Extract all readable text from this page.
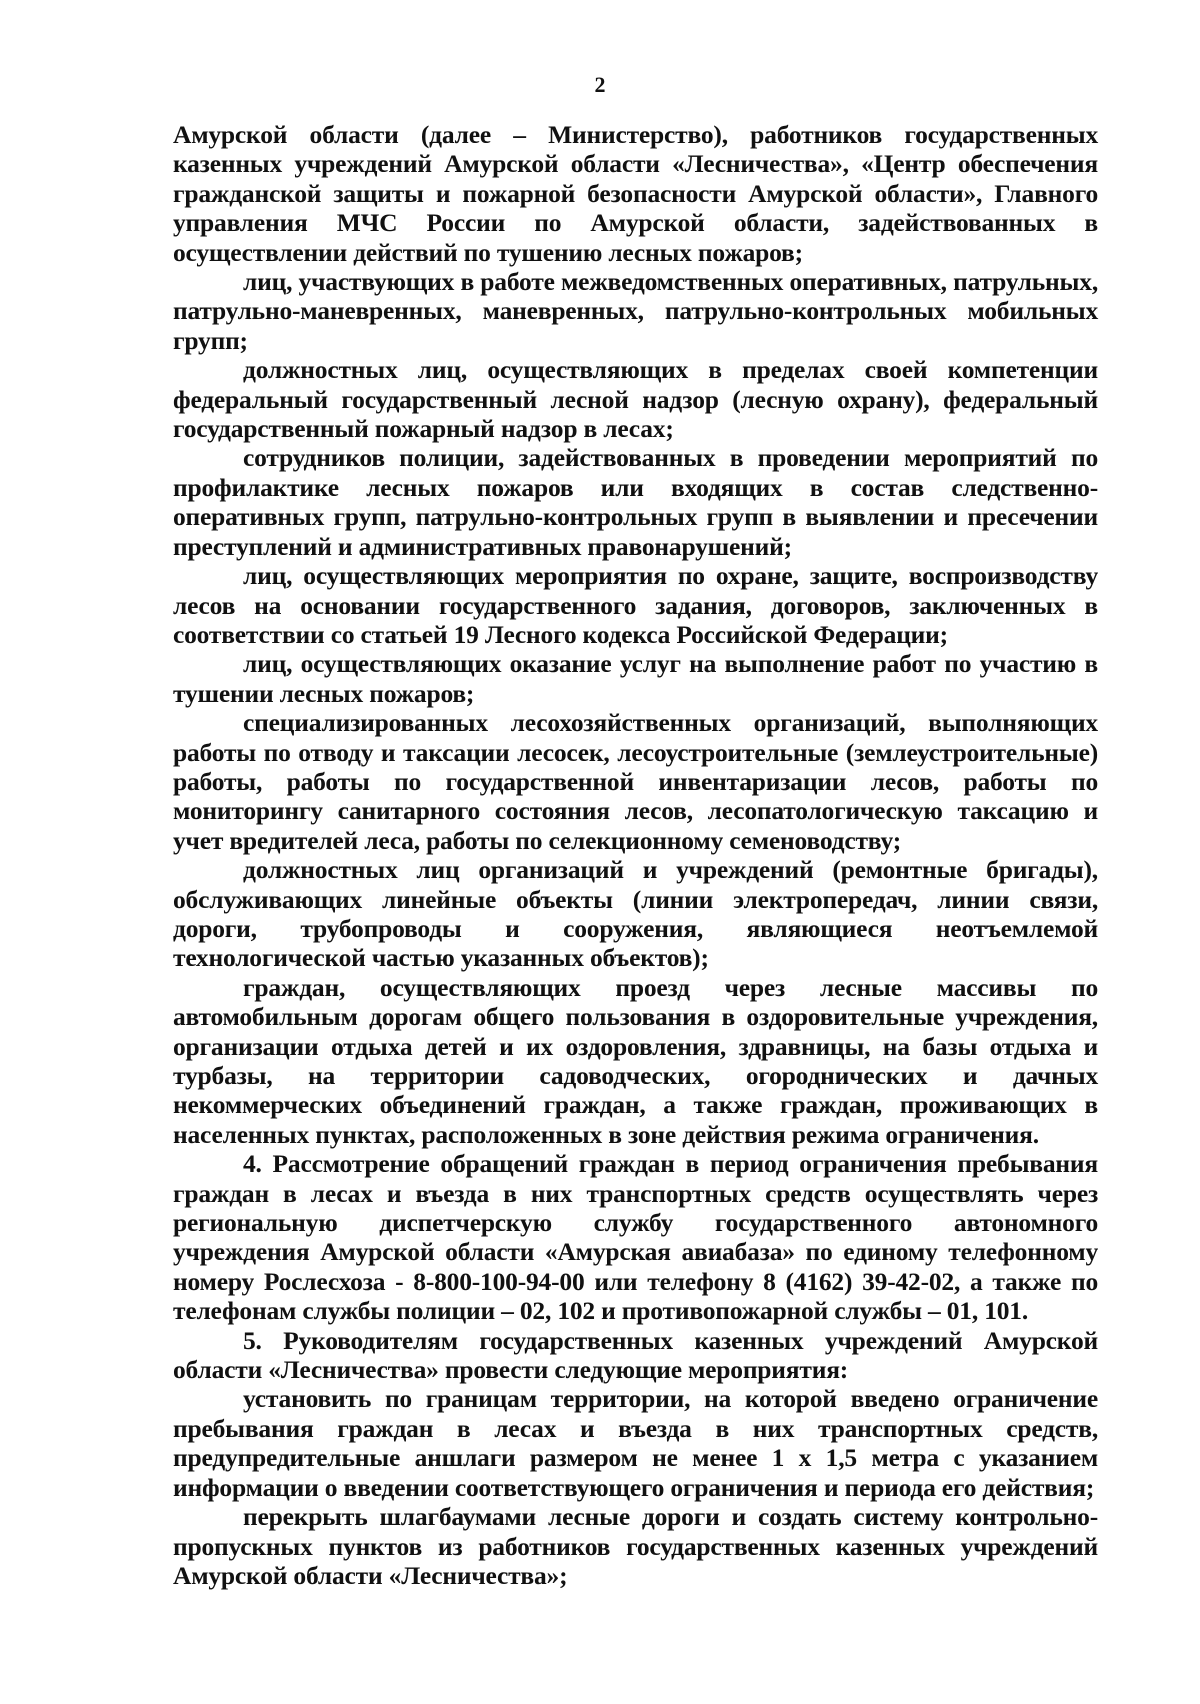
2

Амурской области (далее – Министерство), работников государственных казенных учреждений Амурской области «Лесничества», «Центр обеспечения гражданской защиты и пожарной безопасности Амурской области», Главного управления МЧС России по Амурской области, задействованных в осуществлении действий по тушению лесных пожаров;

лиц, участвующих в работе межведомственных оперативных, патрульных, патрульно-маневренных, маневренных, патрульно-контрольных мобильных групп;

должностных лиц, осуществляющих в пределах своей компетенции федеральный государственный лесной надзор (лесную охрану), федеральный государственный пожарный надзор в лесах;

сотрудников полиции, задействованных в проведении мероприятий по профилактике лесных пожаров или входящих в состав следственно-оперативных групп, патрульно-контрольных групп в выявлении и пресечении преступлений и административных правонарушений;

лиц, осуществляющих мероприятия по охране, защите, воспроизводству лесов на основании государственного задания, договоров, заключенных в соответствии со статьей 19 Лесного кодекса Российской Федерации;

лиц, осуществляющих оказание услуг на выполнение работ по участию в тушении лесных пожаров;

специализированных лесохозяйственных организаций, выполняющих работы по отводу и таксации лесосек, лесоустроительные (землеустроительные) работы, работы по государственной инвентаризации лесов, работы по мониторингу санитарного состояния лесов, лесопатологическую таксацию и учет вредителей леса, работы по селекционному семеноводству;

должностных лиц организаций и учреждений (ремонтные бригады), обслуживающих линейные объекты (линии электропередач, линии связи, дороги, трубопроводы и сооружения, являющиеся неотъемлемой технологической частью указанных объектов);

граждан, осуществляющих проезд через лесные массивы по автомобильным дорогам общего пользования в оздоровительные учреждения, организации отдыха детей и их оздоровления, здравницы, на базы отдыха и турбазы, на территории садоводческих, огороднических и дачных некоммерческих объединений граждан, а также граждан, проживающих в населенных пунктах, расположенных в зоне действия режима ограничения.

4. Рассмотрение обращений граждан в период ограничения пребывания граждан в лесах и въезда в них транспортных средств осуществлять через региональную диспетчерскую службу государственного автономного учреждения Амурской области «Амурская авиабаза» по единому телефонному номеру Рослесхоза - 8-800-100-94-00 или телефону 8 (4162) 39-42-02, а также по телефонам службы полиции – 02, 102 и противопожарной службы – 01, 101.

5. Руководителям государственных казенных учреждений Амурской области «Лесничества» провести следующие мероприятия:

установить по границам территории, на которой введено ограничение пребывания граждан в лесах и въезда в них транспортных средств, предупредительные аншлаги размером не менее 1 х 1,5 метра с указанием информации о введении соответствующего ограничения и периода его действия;

перекрыть шлагбаумами лесные дороги и создать систему контрольно-пропускных пунктов из работников государственных казенных учреждений Амурской области «Лесничества»;
